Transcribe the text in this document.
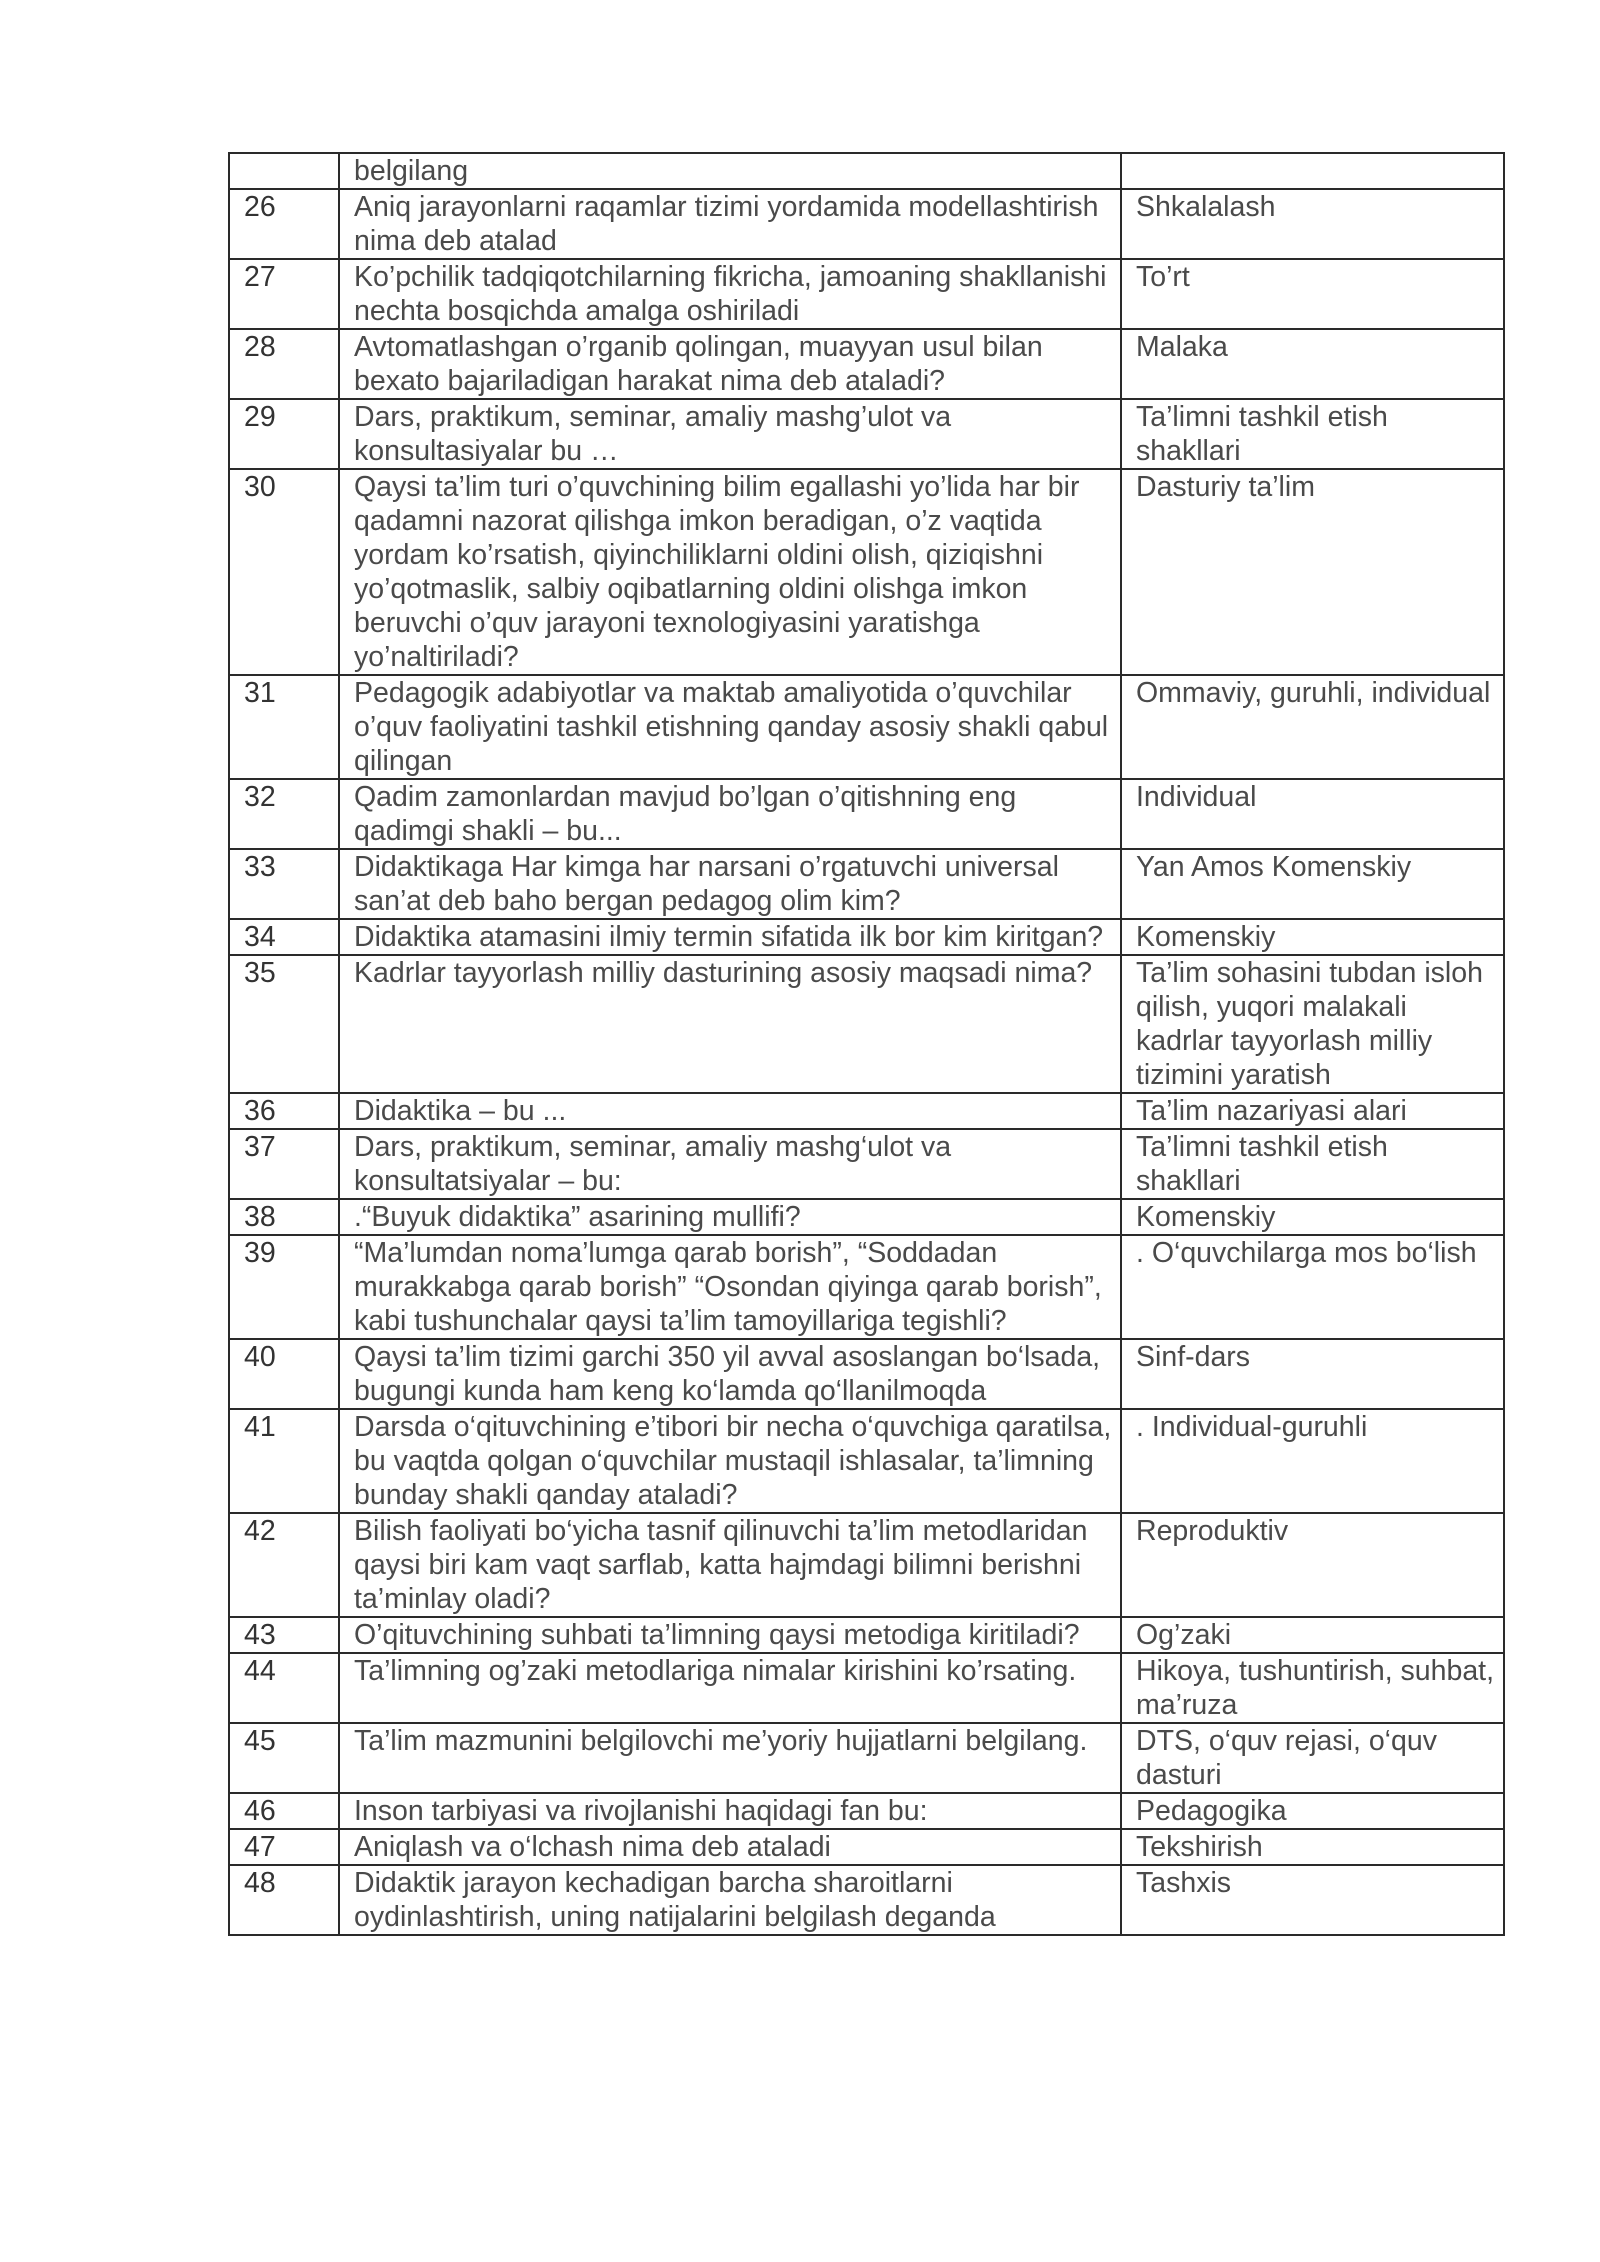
	belgilang	

26	Aniq jarayonlarni raqamlar tizimi yordamida modellashtirish nima deb atalad	Shkalalash

27	Ko’pchilik tadqiqotchilarning fikricha, jamoaning shakllanishi nechta bosqichda amalga oshiriladi	To’rt

28	Avtomatlashgan o’rganib qolingan, muayyan usul bilan bexato bajariladigan harakat nima deb ataladi?	Malaka

29	Dars, praktikum, seminar, amaliy mashg’ulot va konsultasiyalar bu …	Ta’limni tashkil etish shakllari

30	Qaysi ta’lim turi o’quvchining bilim egallashi yo’lida har bir qadamni nazorat qilishga imkon beradigan, o’z vaqtida yordam ko’rsatish, qiyinchiliklarni oldini olish, qiziqishni yo’qotmaslik, salbiy oqibatlarning oldini olishga imkon beruvchi o’quv jarayoni texnologiyasini yaratishga yo’naltiriladi?	Dasturiy ta’lim

31	Pedagogik adabiyotlar va maktab amaliyotida o’quvchilar o’quv faoliyatini tashkil etishning qanday asosiy shakli qabul qilingan	Ommaviy, guruhli, individual

32	Qadim zamonlardan mavjud bo’lgan o’qitishning eng qadimgi shakli – bu...	Individual

33	Didaktikaga Har kimga har narsani o’rgatuvchi universal san’at deb baho bergan pedagog olim kim?	Yan Amos Komenskiy

34	Didaktika atamasini ilmiy termin sifatida ilk bor kim kiritgan?	Komenskiy

35	Kadrlar tayyorlash milliy dasturining asosiy maqsadi nima?	Ta’lim sohasini tubdan isloh qilish, yuqori malakali kadrlar tayyorlash milliy tizimini yaratish

36	Didaktika – bu ...	Ta’lim nazariyasi alari

37	Dars, praktikum, seminar, amaliy mashg‘ulot va konsultatsiyalar – bu:	Ta’limni tashkil etish shakllari

38	.“Buyuk didaktika” asarining mullifi?	Komenskiy

39	“Ma’lumdan noma’lumga qarab borish”, “Soddadan murakkabga qarab borish” “Osondan qiyinga qarab borish”, kabi tushunchalar qaysi ta’lim tamoyillariga tegishli?	. O‘quvchilarga mos bo‘lish

40	Qaysi ta’lim tizimi garchi 350 yil avval asoslangan bo‘lsada, bugungi kunda ham keng ko‘lamda qo‘llanilmoqda	Sinf-dars

41	Darsda o‘qituvchining e’tibori bir necha o‘quvchiga qaratilsa, bu vaqtda qolgan o‘quvchilar mustaqil ishlasalar, ta’limning bunday shakli qanday ataladi?	. Individual-guruhli

42	Bilish faoliyati bo‘yicha tasnif qilinuvchi ta’lim metodlaridan qaysi biri kam vaqt sarflab, katta hajmdagi bilimni berishni ta’minlay oladi?	Reproduktiv

43	O’qituvchining suhbati ta’limning qaysi metodiga kiritiladi?	Og’zaki

44	Ta’limning og’zaki metodlariga nimalar kirishini ko’rsating.	Hikoya, tushuntirish, suhbat, ma’ruza

45	Ta’lim mazmunini belgilovchi me’yoriy hujjatlarni belgilang.	DTS, o‘quv rejasi, o‘quv dasturi

46	Inson tarbiyasi va rivojlanishi haqidagi fan bu:	Pedagogika

47	Aniqlash va o‘lchash nima deb ataladi	Tekshirish

48	Didaktik jarayon kechadigan barcha sharoitlarni oydinlashtirish, uning natijalarini belgilash deganda	Tashxis
